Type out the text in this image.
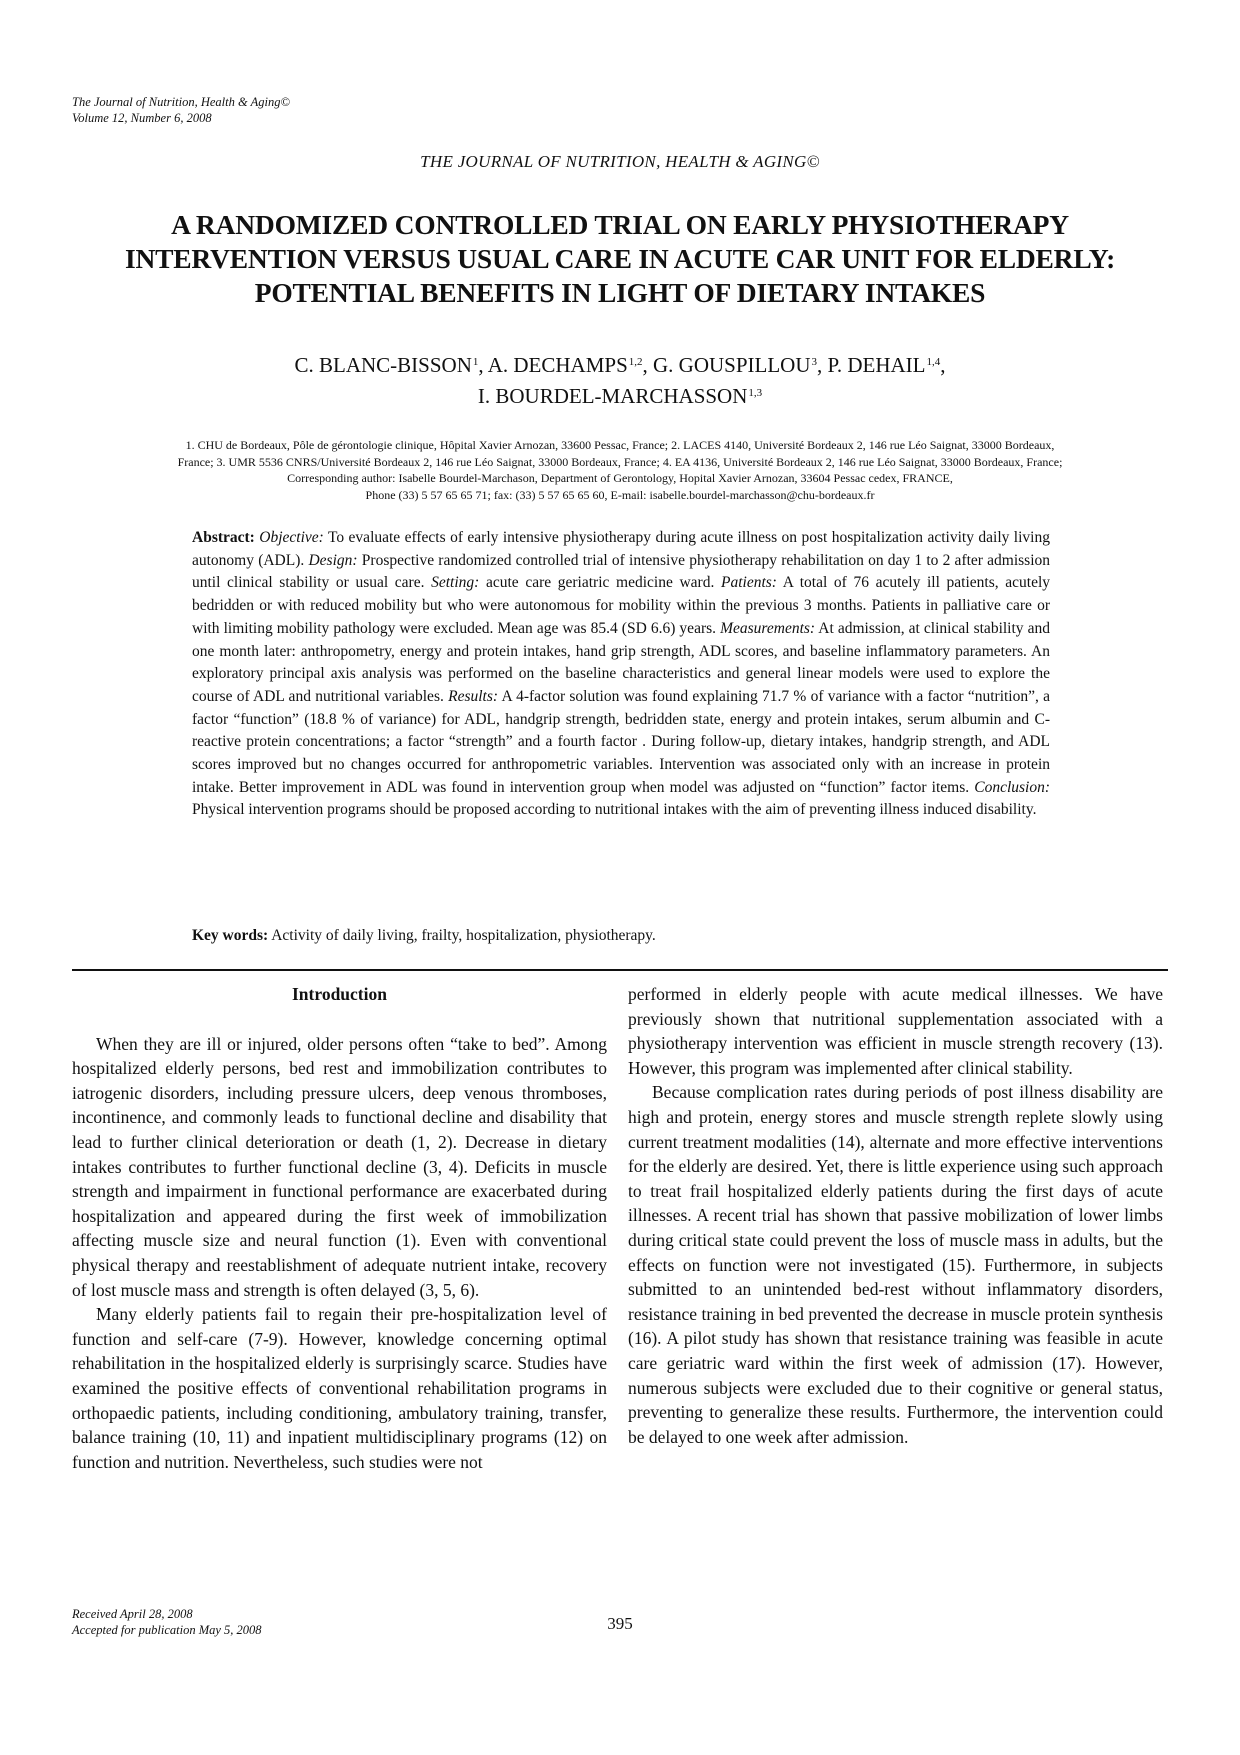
The Journal of Nutrition, Health & Aging©
Volume 12, Number 6, 2008
THE JOURNAL OF NUTRITION, HEALTH & AGING©
A RANDOMIZED CONTROLLED TRIAL ON EARLY PHYSIOTHERAPY
INTERVENTION VERSUS USUAL CARE IN ACUTE CAR UNIT FOR ELDERLY:
POTENTIAL BENEFITS IN LIGHT OF DIETARY INTAKES
C. BLANC-BISSON$^1$, A. DECHAMPS$^{1,2}$, G. GOUSPILLOU$^3$, P. DEHAIL$^{1,4}$,
I. BOURDEL-MARCHASSON$^{1,3}$
1. CHU de Bordeaux, Pôle de gérontologie clinique, Hôpital Xavier Arnozan, 33600 Pessac, France; 2. LACES 4140, Université Bordeaux 2, 146 rue Léo Saignat, 33000 Bordeaux,
France; 3. UMR 5536 CNRS/Université Bordeaux 2, 146 rue Léo Saignat, 33000 Bordeaux, France; 4. EA 4136, Université Bordeaux 2, 146 rue Léo Saignat, 33000 Bordeaux, France;
Corresponding author: Isabelle Bourdel-Marchason, Department of Gerontology, Hopital Xavier Arnozan, 33604 Pessac cedex, FRANCE,
Phone (33) 5 57 65 65 71; fax: (33) 5 57 65 65 60, E-mail: isabelle.bourdel-marchasson@chu-bordeaux.fr
Abstract: Objective: To evaluate effects of early intensive physiotherapy during acute illness on post hospitalization activity daily living autonomy (ADL). Design: Prospective randomized controlled trial of intensive physiotherapy rehabilitation on day 1 to 2 after admission until clinical stability or usual care. Setting: acute care geriatric medicine ward. Patients: A total of 76 acutely ill patients, acutely bedridden or with reduced mobility but who were autonomous for mobility within the previous 3 months. Patients in palliative care or with limiting mobility pathology were excluded. Mean age was 85.4 (SD 6.6) years. Measurements: At admission, at clinical stability and one month later: anthropometry, energy and protein intakes, hand grip strength, ADL scores, and baseline inflammatory parameters. An exploratory principal axis analysis was performed on the baseline characteristics and general linear models were used to explore the course of ADL and nutritional variables. Results: A 4-factor solution was found explaining 71.7 % of variance with a factor “nutrition”, a factor “function” (18.8 % of variance) for ADL, handgrip strength, bedridden state, energy and protein intakes, serum albumin and C-reactive protein concentrations; a factor “strength” and a fourth factor . During follow-up, dietary intakes, handgrip strength, and ADL scores improved but no changes occurred for anthropometric variables. Intervention was associated only with an increase in protein intake. Better improvement in ADL was found in intervention group when model was adjusted on “function” factor items. Conclusion: Physical intervention programs should be proposed according to nutritional intakes with the aim of preventing illness induced disability.
Key words: Activity of daily living, frailty, hospitalization, physiotherapy.
Introduction

When they are ill or injured, older persons often “take to bed”. Among hospitalized elderly persons, bed rest and immobilization contributes to iatrogenic disorders, including pressure ulcers, deep venous thromboses, incontinence, and commonly leads to functional decline and disability that lead to further clinical deterioration or death (1, 2). Decrease in dietary intakes contributes to further functional decline (3, 4). Deficits in muscle strength and impairment in functional performance are exacerbated during hospitalization and appeared during the first week of immobilization affecting muscle size and neural function (1). Even with conventional physical therapy and reestablishment of adequate nutrient intake, recovery of lost muscle mass and strength is often delayed (3, 5, 6).

Many elderly patients fail to regain their pre-hospitalization level of function and self-care (7-9). However, knowledge concerning optimal rehabilitation in the hospitalized elderly is surprisingly scarce. Studies have examined the positive effects of conventional rehabilitation programs in orthopaedic patients, including conditioning, ambulatory training, transfer, balance training (10, 11) and inpatient multidisciplinary programs (12) on function and nutrition. Nevertheless, such studies were not

performed in elderly people with acute medical illnesses. We have previously shown that nutritional supplementation associated with a physiotherapy intervention was efficient in muscle strength recovery (13). However, this program was implemented after clinical stability.

Because complication rates during periods of post illness disability are high and protein, energy stores and muscle strength replete slowly using current treatment modalities (14), alternate and more effective interventions for the elderly are desired. Yet, there is little experience using such approach to treat frail hospitalized elderly patients during the first days of acute illnesses. A recent trial has shown that passive mobilization of lower limbs during critical state could prevent the loss of muscle mass in adults, but the effects on function were not investigated (15). Furthermore, in subjects submitted to an unintended bed-rest without inflammatory disorders, resistance training in bed prevented the decrease in muscle protein synthesis (16). A pilot study has shown that resistance training was feasible in acute care geriatric ward within the first week of admission (17). However, numerous subjects were excluded due to their cognitive or general status, preventing to generalize these results. Furthermore, the intervention could be delayed to one week after admission.

Received April 28, 2008
Accepted for publication May 5, 2008	395
